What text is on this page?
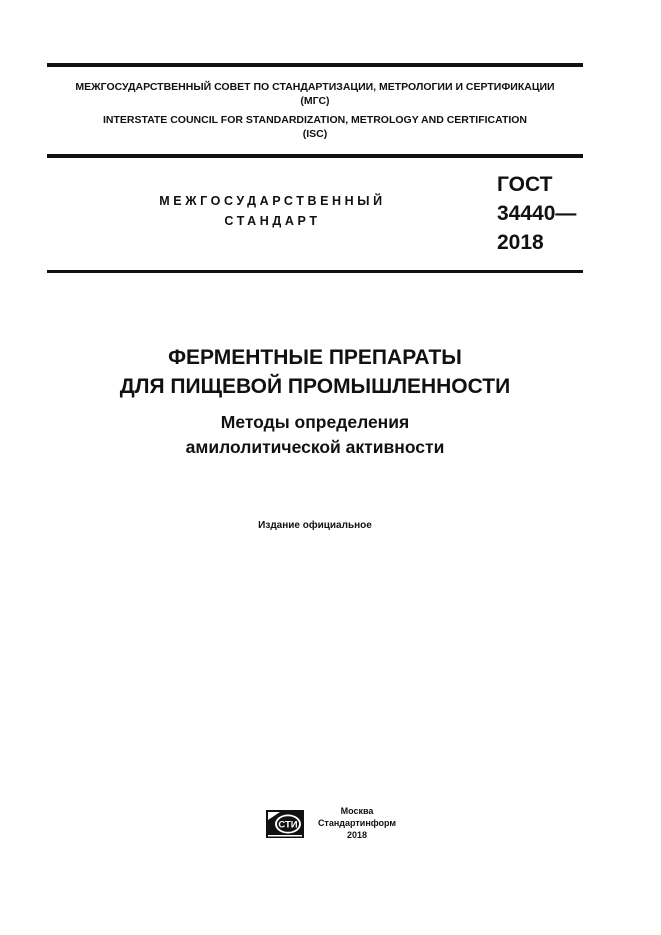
МЕЖГОСУДАРСТВЕННЫЙ СОВЕТ ПО СТАНДАРТИЗАЦИИ, МЕТРОЛОГИИ И СЕРТИФИКАЦИИ
(МГС)
INTERSTATE COUNCIL FOR STANDARDIZATION, METROLOGY AND CERTIFICATION
(ISC)
МЕЖГОСУДАРСТВЕННЫЙ
СТАНДАРТ
ГОСТ
34440—
2018
ФЕРМЕНТНЫЕ ПРЕПАРАТЫ
ДЛЯ ПИЩЕВОЙ ПРОМЫШЛЕННОСТИ
Методы определения
амилолитической активности
Издание официальное
СТИ
Москва
Стандартинформ
2018
